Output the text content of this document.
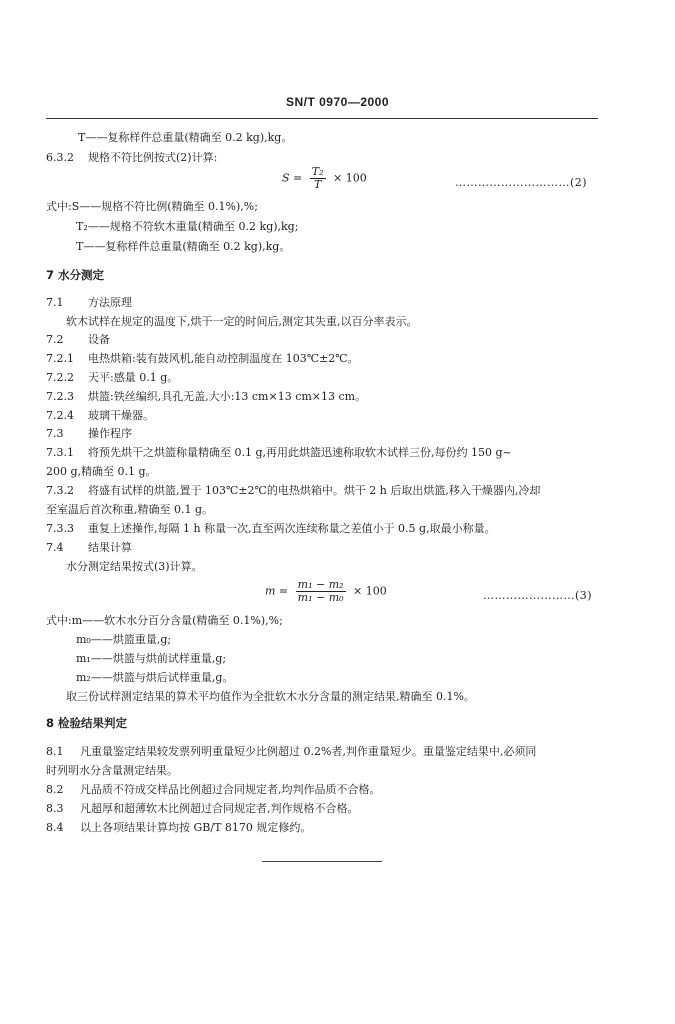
SN/T 0970—2000
T——复称样件总重量(精确至 0.2 kg),kg。
6.3.2 规格不符比例按式(2)计算:
$S = \frac{\text{T₂}}{T} \times 100$	…………………………(2)
式中:S——规格不符比例(精确至 0.1%),%;
T₂——规格不符软木重量(精确至 0.2 kg),kg;
T——复称样件总重量(精确至 0.2 kg),kg。
7 水分测定
7.1 方法原理
软木试样在规定的温度下,烘干一定的时间后,测定其失重,以百分率表示。
7.2 设备
7.2.1 电热烘箱:装有鼓风机,能自动控制温度在 103℃±2℃。
7.2.2 天平:感量 0.1 g。
7.2.3 烘篮:铁丝编织,具孔无盖,大小:13 cm×13 cm×13 cm。
7.2.4 玻璃干燥器。
7.3 操作程序
7.3.1 将预先烘干之烘篮称量精确至 0.1 g,再用此烘篮迅速称取软木试样三份,每份约 150 g~
200 g,精确至 0.1 g。
7.3.2 将盛有试样的烘篮,置于 103℃±2℃的电热烘箱中。烘干 2 h 后取出烘篮,移入干燥器内,冷却
至室温后首次称重,精确至 0.1 g。
7.3.3 重复上述操作,每隔 1 h 称量一次,直至两次连续称量之差值小于 0.5 g,取最小称量。
7.4 结果计算
水分测定结果按式(3)计算。
$m = \frac{\text{m₁ − m₂}}{\text{m₁ − m₀}} \times 100$	……………………(3)
式中:m——软木水分百分含量(精确至 0.1%),%;
m₀——烘篮重量,g;
m₁——烘篮与烘前试样重量,g;
m₂——烘篮与烘后试样重量,g。
取三份试样测定结果的算术平均值作为全批软木水分含量的测定结果,精确至 0.1%。
8 检验结果判定
8.1 凡重量鉴定结果较发票列明重量短少比例超过 0.2%者,判作重量短少。重量鉴定结果中,必须同
时列明水分含量测定结果。
8.2 凡品质不符成交样品比例超过合同规定者,均判作品质不合格。
8.3 凡超厚和超薄软木比例超过合同规定者,判作规格不合格。
8.4 以上各项结果计算均按 GB/T 8170 规定修约。
